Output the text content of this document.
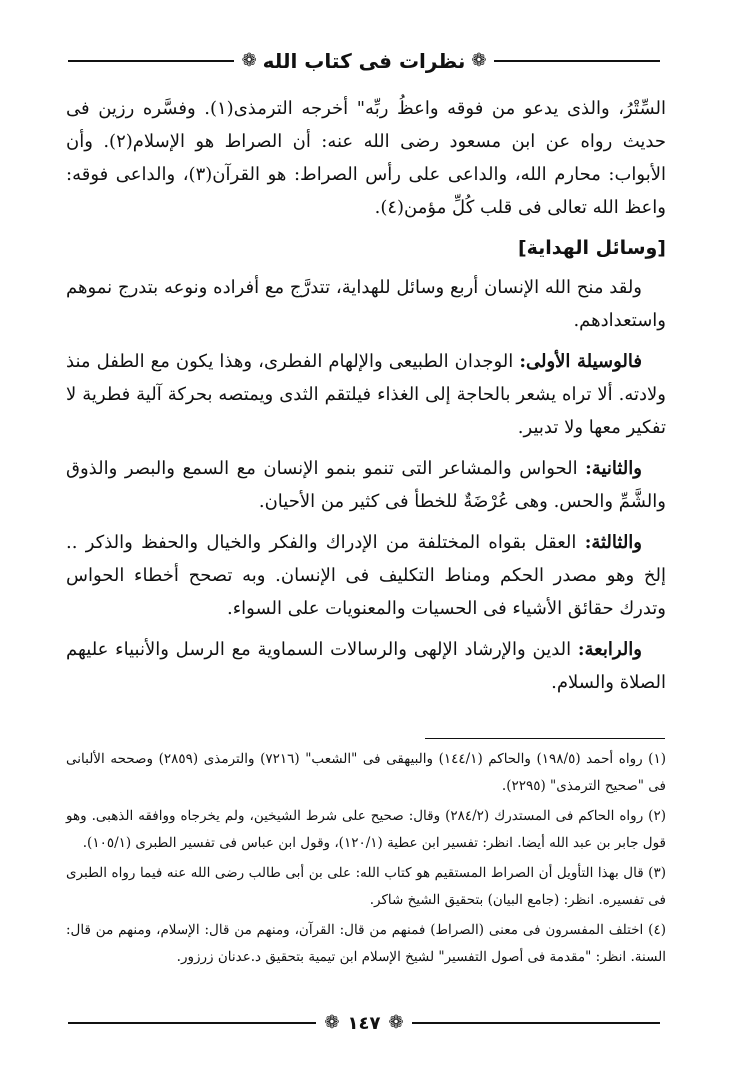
❁
نظرات فى كتاب الله
❁

السِّتْرُ، والذى يدعو من فوقه واعظُ ربِّه" أخرجه الترمذى(١). وفسَّره رزين فى حديث رواه عن ابن مسعود رضى الله عنه: أن الصراط هو الإسلام(٢). وأن الأبواب: محارم الله، والداعى على رأس الصراط: هو القرآن(٣)، والداعى فوقه: واعظ الله تعالى فى قلب كُلِّ مؤمن(٤).

[وسائل الهداية]

ولقد منح الله الإنسان أربع وسائل للهداية، تتدرَّج مع أفراده ونوعه بتدرج نموهم واستعدادهم.

فالوسيلة الأولى: الوجدان الطبيعى والإلهام الفطرى، وهذا يكون مع الطفل منذ ولادته. ألا تراه يشعر بالحاجة إلى الغذاء فيلتقم الثدى ويمتصه بحركة آلية فطرية لا تفكير معها ولا تدبير.

والثانية: الحواس والمشاعر التى تنمو بنمو الإنسان مع السمع والبصر والذوق والشَّمِّ والحس. وهى عُرْضَةٌ للخطأ فى كثير من الأحيان.

والثالثة: العقل بقواه المختلفة من الإدراك والفكر والخيال والحفظ والذكر .. إلخ وهو مصدر الحكم ومناط التكليف فى الإنسان. وبه تصحح أخطاء الحواس وتدرك حقائق الأشياء فى الحسيات والمعنويات على السواء.

والرابعة: الدين والإرشاد الإلهى والرسالات السماوية مع الرسل والأنبياء عليهم الصلاة والسلام.

(١) رواه أحمد (١٩٨/٥) والحاكم (١٤٤/١) والبيهقى فى "الشعب" (٧٢١٦) والترمذى (٢٨٥٩) وصححه الألبانى فى "صحيح الترمذى" (٢٢٩٥).

(٢) رواه الحاكم فى المستدرك (٢٨٤/٢) وقال: صحيح على شرط الشيخين، ولم يخرجاه ووافقه الذهبى. وهو قول جابر بن عبد الله أيضا. انظر: تفسير ابن عطية (١٢٠/١)، وقول ابن عباس فى تفسير الطبرى (١٠٥/١).

(٣) قال بهذا التأويل أن الصراط المستقيم هو كتاب الله: على بن أبى طالب رضى الله عنه فيما رواه الطبرى فى تفسيره. انظر: (جامع البيان) بتحقيق الشيخ شاكر.

(٤) اختلف المفسرون فى معنى (الصراط) فمنهم من قال: القرآن، ومنهم من قال: الإسلام، ومنهم من قال: السنة. انظر: "مقدمة فى أصول التفسير" لشيخ الإسلام ابن تيمية بتحقيق د.عدنان زرزور.

❁ ١٤٧ ❁
